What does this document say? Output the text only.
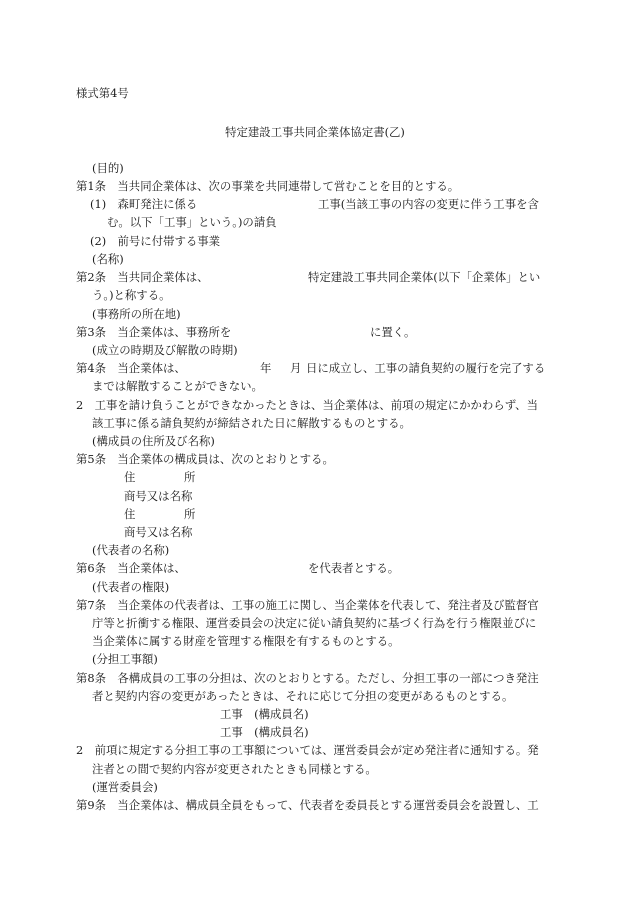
様式第4号
特定建設工事共同企業体協定書(乙)
(目的)
第1条　当共同企業体は、次の事業を共同連帯して営むことを目的とする。
(1)　森町発注に係る	工事(当該工事の内容の変更に伴う工事を含
む。以下「工事」という。)の請負
(2)　前号に付帯する事業
(名称)
第2条　当共同企業体は、	特定建設工事共同企業体(以下「企業体」とい
う。)と称する。
(事務所の所在地)
第3条　当企業体は、事務所を	に置く。
(成立の時期及び解散の時期)
第4条　当企業体は、	年 月 日に成立し、工事の請負契約の履行を完了する
までは解散することができない。
2　工事を請け負うことができなかったときは、当企業体は、前項の規定にかかわらず、当
該工事に係る請負契約が締結された日に解散するものとする。
(構成員の住所及び名称)
第5条　当企業体の構成員は、次のとおりとする。
住	所
商号又は名称
住	所
商号又は名称
(代表者の名称)
第6条　当企業体は、	を代表者とする。
(代表者の権限)
第7条　当企業体の代表者は、工事の施工に関し、当企業体を代表して、発注者及び監督官
庁等と折衝する権限、運営委員会の決定に従い請負契約に基づく行為を行う権限並びに
当企業体に属する財産を管理する権限を有するものとする。
(分担工事額)
第8条　各構成員の工事の分担は、次のとおりとする。ただし、分担工事の一部につき発注
者と契約内容の変更があったときは、それに応じて分担の変更があるものとする。
工事　(構成員名)
工事　(構成員名)
2　前項に規定する分担工事の工事額については、運営委員会が定め発注者に通知する。発
注者との間で契約内容が変更されたときも同様とする。
(運営委員会)
第9条　当企業体は、構成員全員をもって、代表者を委員長とする運営委員会を設置し、工
